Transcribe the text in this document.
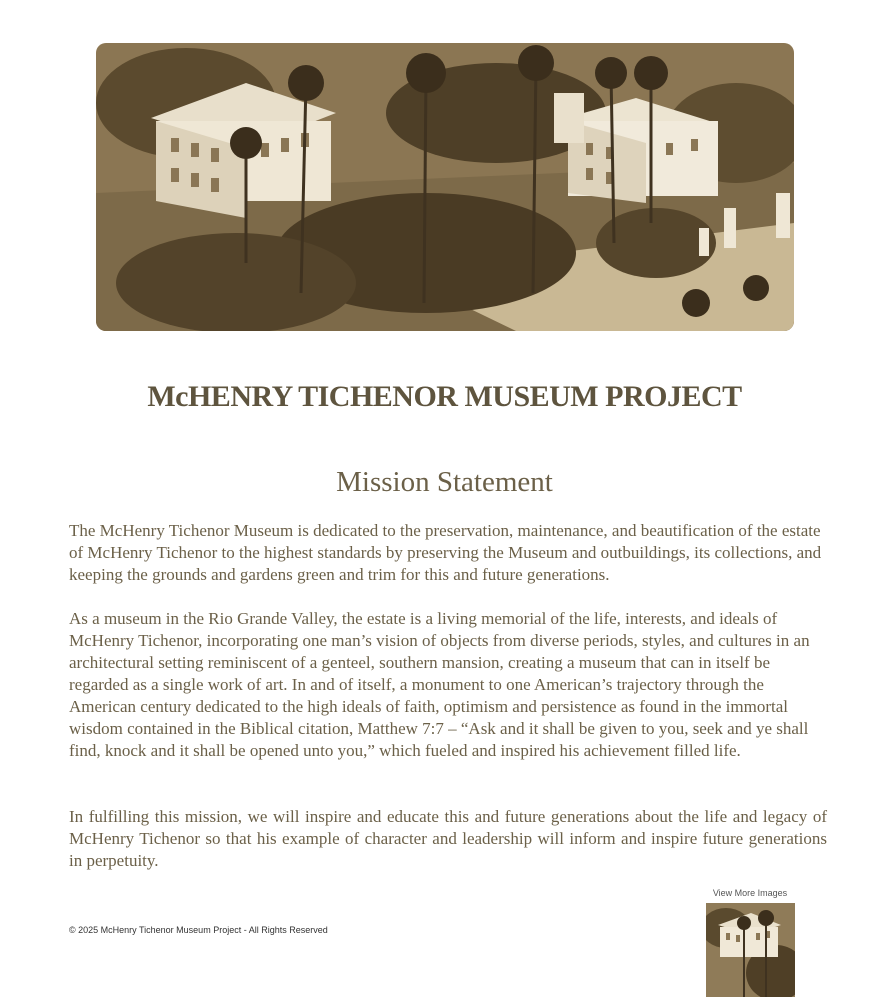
McHENRY TICHENOR MUSEUM PROJECT
Mission Statement

The McHenry Tichenor Museum is dedicated to the preservation, maintenance, and beautification of the estate of McHenry Tichenor to the highest standards by preserving the Museum and outbuildings, its collections, and keeping the grounds and gardens green and trim for this and future generations.

As a museum in the Rio Grande Valley, the estate is a living memorial of the life, interests, and ideals of McHenry Tichenor, incorporating one man’s vision of objects from diverse periods, styles, and cultures in an architectural setting reminiscent of a genteel, southern mansion, creating a museum that can in itself be regarded as a single work of art. In and of itself, a monument to one American’s trajectory through the American century dedicated to the high ideals of faith, optimism and persistence as found in the immortal wisdom contained in the Biblical citation, Matthew 7:7 – “Ask and it shall be given to you, seek and ye shall find, knock and it shall be opened unto you,” which fueled and inspired his achievement filled life.

In fulfilling this mission, we will inspire and educate this and future generations about the life and legacy of McHenry Tichenor so that his example of character and leadership will inform and inspire future generations in perpetuity.

© 2025 McHenry Tichenor Museum Project - All Rights Reserved
View More Images
